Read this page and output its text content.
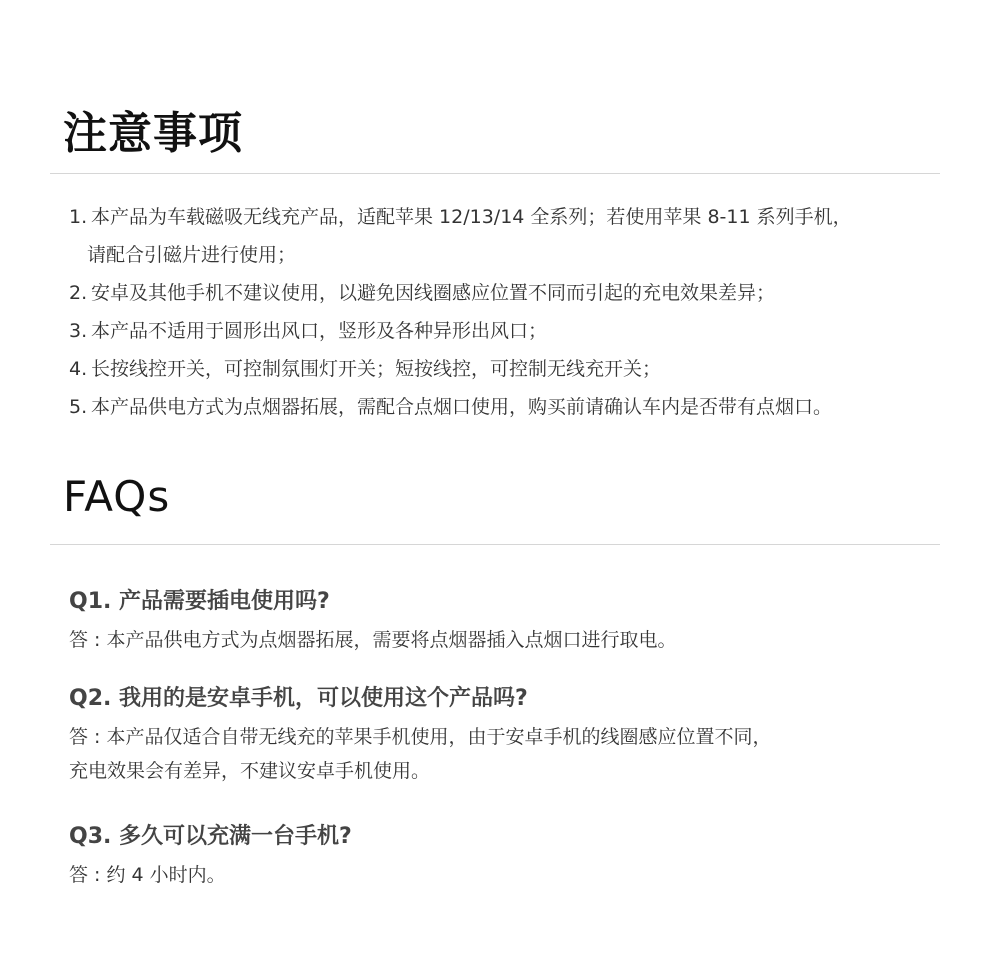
注意事项
1. 本产品为车载磁吸无线充产品，适配苹果 12/13/14 全系列；若使用苹果 8-11 系列手机，
请配合引磁片进行使用；
2. 安卓及其他手机不建议使用，以避免因线圈感应位置不同而引起的充电效果差异；
3. 本产品不适用于圆形出风口，竖形及各种异形出风口；
4. 长按线控开关，可控制氛围灯开关；短按线控，可控制无线充开关；
5. 本产品供电方式为点烟器拓展，需配合点烟口使用，购买前请确认车内是否带有点烟口。
FAQs

Q1. 产品需要插电使用吗?

答 : 本产品供电方式为点烟器拓展，需要将点烟器插入点烟口进行取电。

Q2. 我用的是安卓手机，可以使用这个产品吗?

答 : 本产品仅适合自带无线充的苹果手机使用，由于安卓手机的线圈感应位置不同，
充电效果会有差异，不建议安卓手机使用。

Q3. 多久可以充满一台手机?

答 : 约 4 小时内。
